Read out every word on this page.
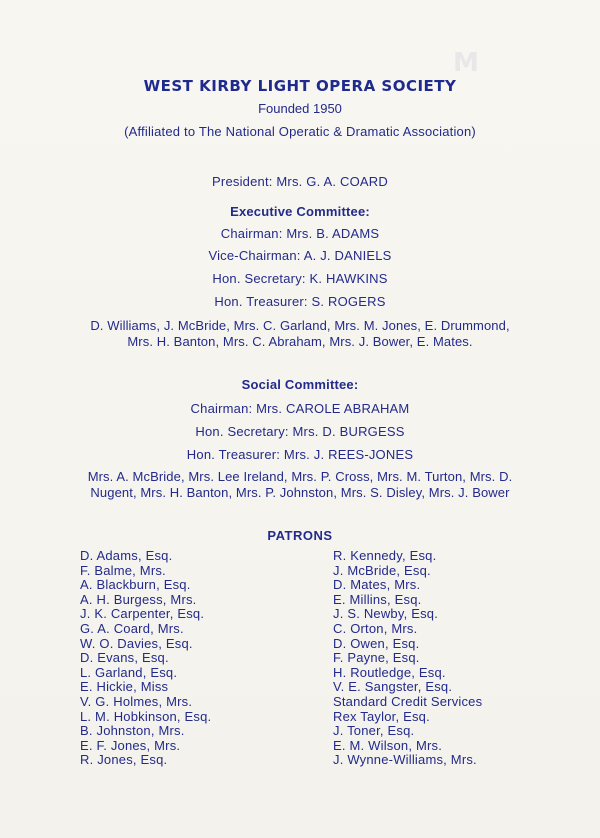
M
WEST KIRBY LIGHT OPERA SOCIETY
Founded 1950
(Affiliated to The National Operatic & Dramatic Association)
President: Mrs. G. A. COARD
Executive Committee:
Chairman: Mrs. B. ADAMS
Vice-Chairman: A. J. DANIELS
Hon. Secretary: K. HAWKINS
Hon. Treasurer: S. ROGERS
D. Williams, J. McBride, Mrs. C. Garland, Mrs. M. Jones, E. Drummond,
Mrs. H. Banton, Mrs. C. Abraham, Mrs. J. Bower, E. Mates.
Social Committee:
Chairman: Mrs. CAROLE ABRAHAM
Hon. Secretary: Mrs. D. BURGESS
Hon. Treasurer: Mrs. J. REES-JONES
Mrs. A. McBride, Mrs. Lee Ireland, Mrs. P. Cross, Mrs. M. Turton, Mrs. D.
Nugent, Mrs. H. Banton, Mrs. P. Johnston, Mrs. S. Disley, Mrs. J. Bower
PATRONS
D. Adams, Esq.
F. Balme, Mrs.
A. Blackburn, Esq.
A. H. Burgess, Mrs.
J. K. Carpenter, Esq.
G. A. Coard, Mrs.
W. O. Davies, Esq.
D. Evans, Esq.
L. Garland, Esq.
E. Hickie, Miss
V. G. Holmes, Mrs.
L. M. Hobkinson, Esq.
B. Johnston, Mrs.
E. F. Jones, Mrs.
R. Jones, Esq.
R. Kennedy, Esq.
J. McBride, Esq.
D. Mates, Mrs.
E. Millins, Esq.
J. S. Newby, Esq.
C. Orton, Mrs.
D. Owen, Esq.
F. Payne, Esq.
H. Routledge, Esq.
V. E. Sangster, Esq.
Standard Credit Services
Rex Taylor, Esq.
J. Toner, Esq.
E. M. Wilson, Mrs.
J. Wynne-Williams, Mrs.
